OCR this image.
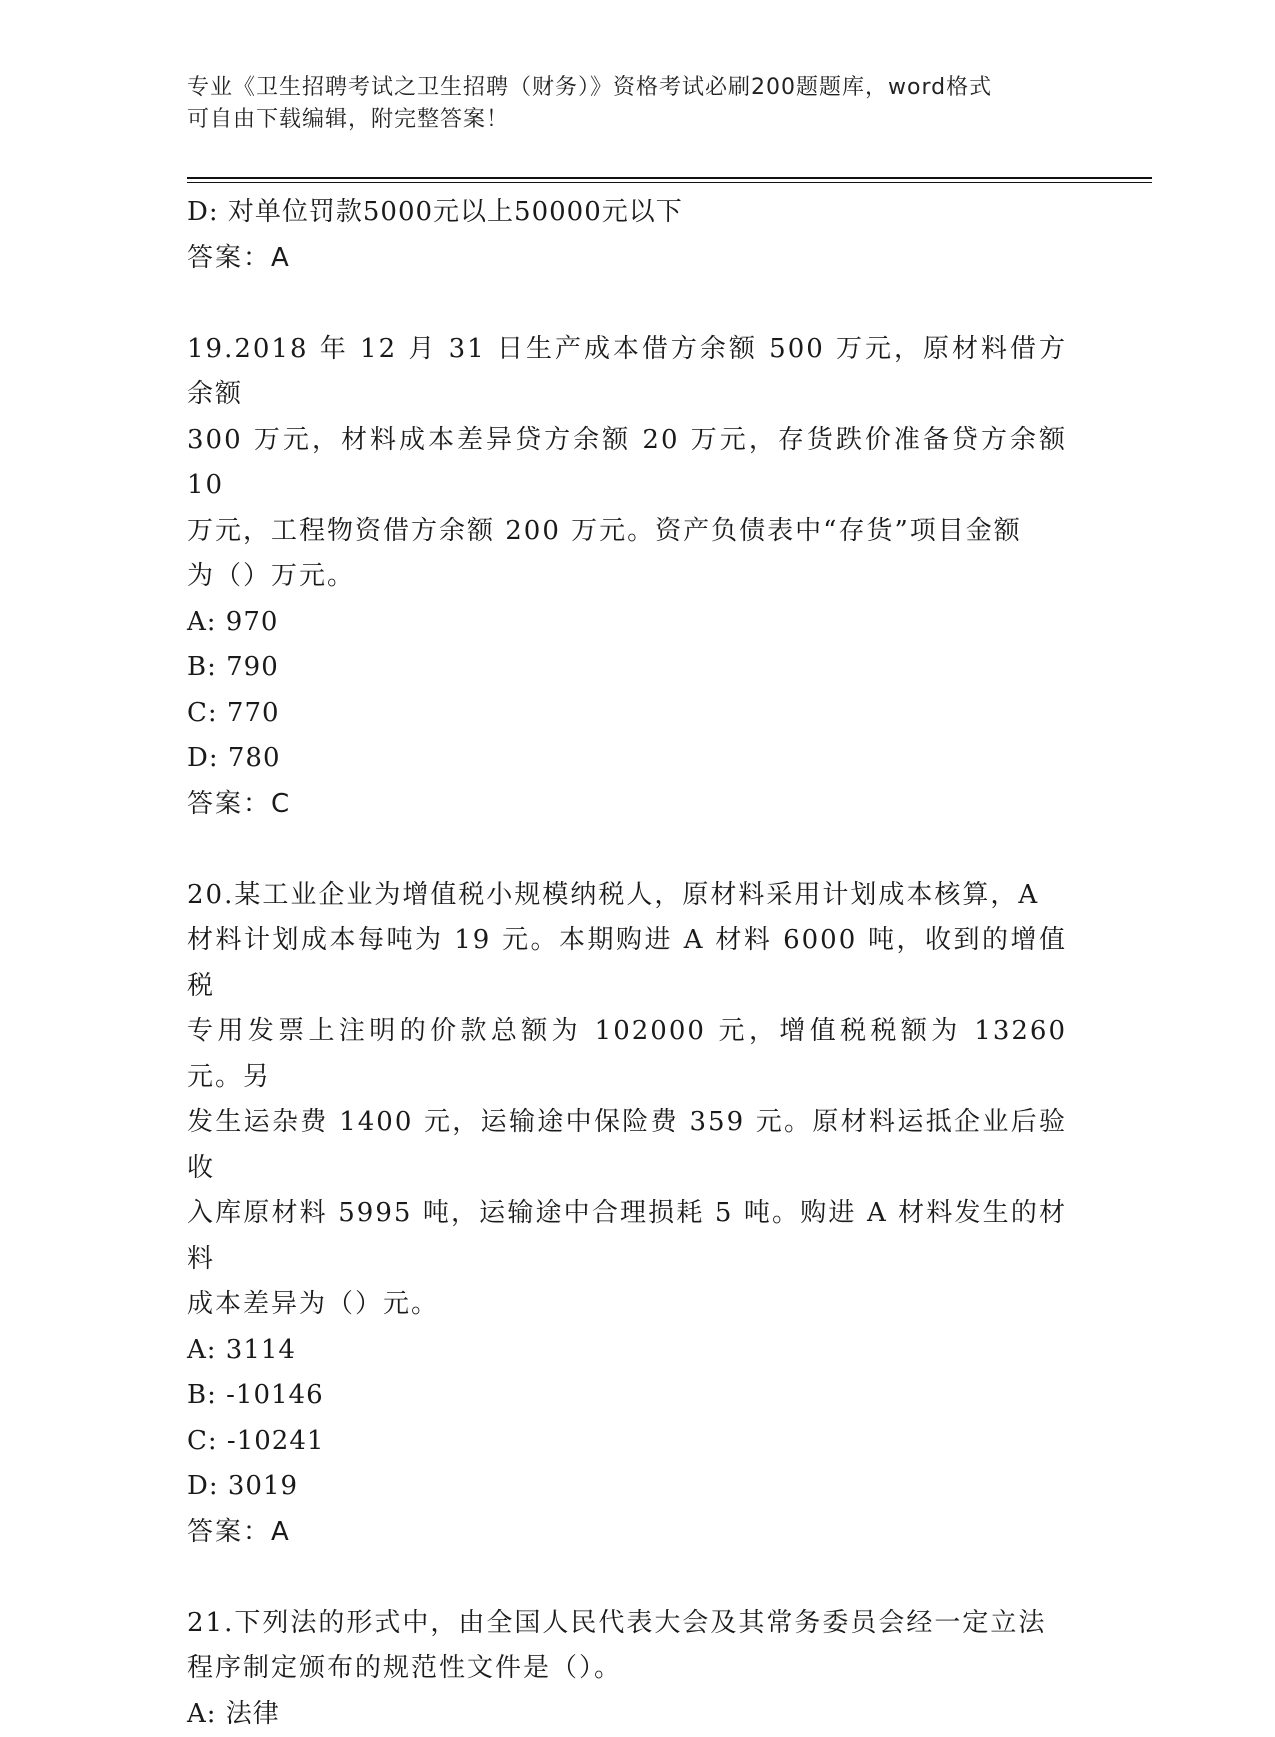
专业《卫生招聘考试之卫生招聘（财务）》资格考试必刷200题题库，word格式
可自由下载编辑，附完整答案！
D: 对单位罚款5000元以上50000元以下
答案：A
19.2018 年 12 月 31 日生产成本借方余额 500 万元，原材料借方余额
300 万元，材料成本差异贷方余额 20 万元，存货跌价准备贷方余额 10
万元，工程物资借方余额 200 万元。资产负债表中“存货”项目金额
为（）万元。
A: 970
B: 790
C: 770
D: 780
答案：C
20.某工业企业为增值税小规模纳税人，原材料采用计划成本核算，A
材料计划成本每吨为 19 元。本期购进 A 材料 6000 吨，收到的增值税
专用发票上注明的价款总额为 102000 元，增值税税额为 13260 元。另
发生运杂费 1400 元，运输途中保险费 359 元。原材料运抵企业后验收
入库原材料 5995 吨，运输途中合理损耗 5 吨。购进 A 材料发生的材料
成本差异为（）元。
A: 3114
B: -10146
C: -10241
D: 3019
答案：A
21.下列法的形式中，由全国人民代表大会及其常务委员会经一定立法
程序制定颁布的规范性文件是（）。
A: 法律
